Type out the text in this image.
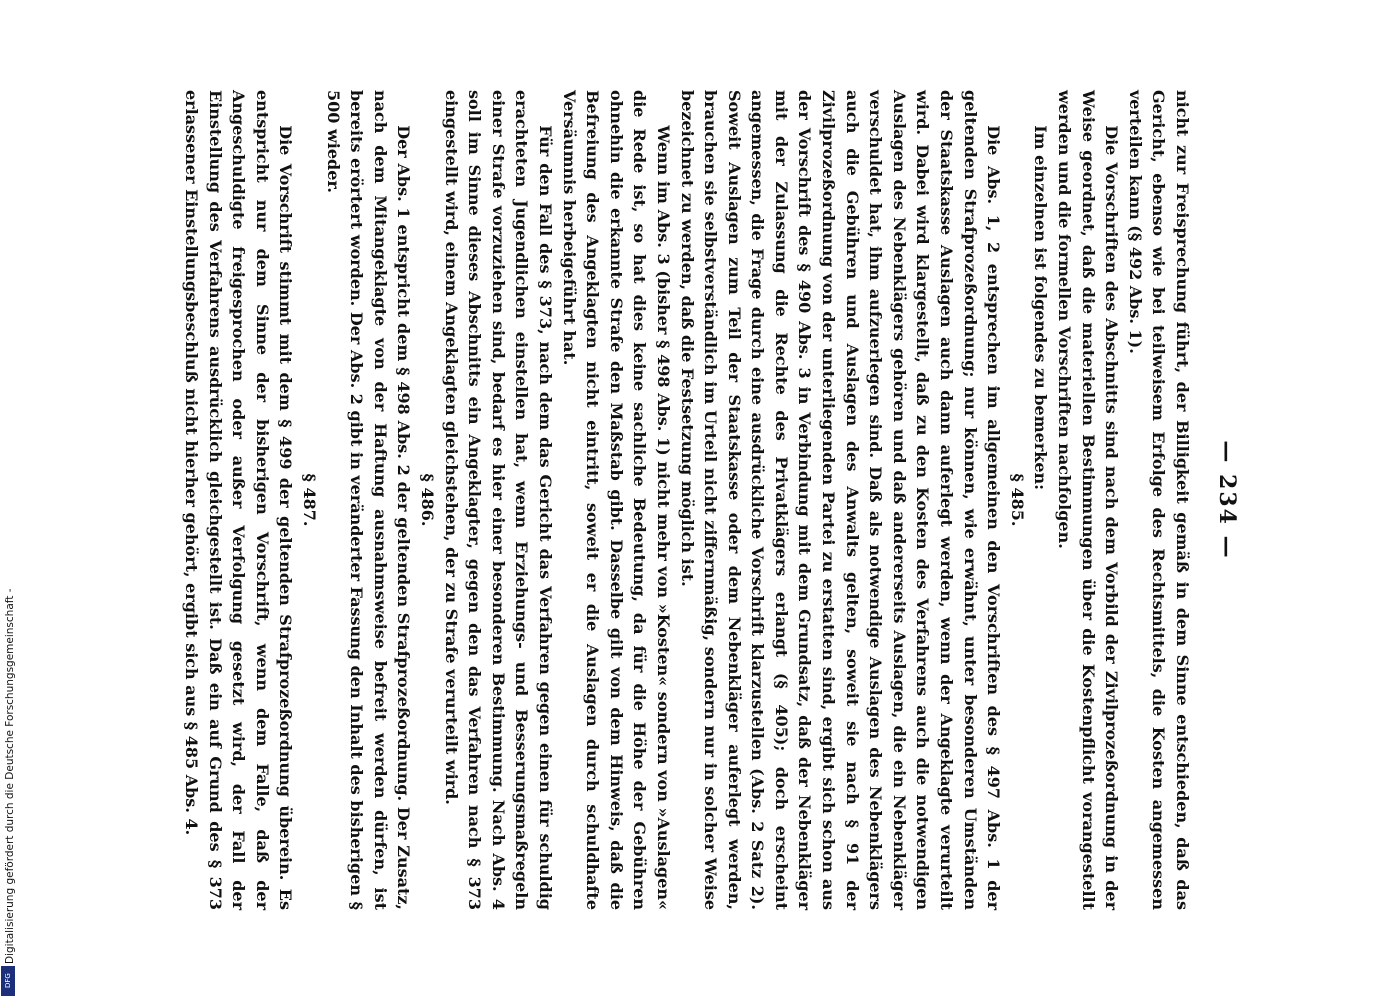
— 234 —

nicht zur Freisprechung führt, der Billigkeit gemäß in dem Sinne entschieden, daß das Gericht, ebenso wie bei teilweisem Erfolge des Rechtsmittels, die Kosten angemessen verteilen kann (§ 492 Abs. 1).

Die Vorschriften des Abschnitts sind nach dem Vorbild der Zivilprozeßordnung in der Weise geordnet, daß die materiellen Bestimmungen über die Kostenpflicht vorangestellt werden und die formellen Vorschriften nachfolgen.

Im einzelnen ist folgendes zu bemerken:

§ 485.

Die Abs. 1, 2 entsprechen im allgemeinen den Vorschriften des § 497 Abs. 1 der geltenden Strafprozeßordnung; nur können, wie erwähnt, unter besonderen Umständen der Staatskasse Auslagen auch dann auferlegt werden, wenn der Angeklagte verurteilt wird. Dabei wird klargestellt, daß zu den Kosten des Verfahrens auch die notwendigen Auslagen des Nebenklägers gehören und daß andererseits Auslagen, die ein Nebenkläger verschuldet hat, ihm aufzuerlegen sind. Daß als notwendige Auslagen des Nebenklägers auch die Gebühren und Auslagen des Anwalts gelten, soweit sie nach § 91 der Zivilprozeßordnung von der unterliegenden Partei zu erstatten sind, ergibt sich schon aus der Vorschrift des § 490 Abs. 3 in Verbindung mit dem Grundsatz, daß der Nebenkläger mit der Zulassung die Rechte des Privatklägers erlangt (§ 405); doch erscheint angemessen, die Frage durch eine ausdrückliche Vorschrift klarzustellen (Abs. 2 Satz 2). Soweit Auslagen zum Teil der Staatskasse oder dem Nebenkläger auferlegt werden, brauchen sie selbstverständlich im Urteil nicht ziffernmäßig, sondern nur in solcher Weise bezeichnet zu werden, daß die Festsetzung möglich ist.

Wenn im Abs. 3 (bisher § 498 Abs. 1) nicht mehr von »Kosten« sondern von »Auslagen« die Rede ist, so hat dies keine sachliche Bedeutung, da für die Höhe der Gebühren ohnehin die erkannte Strafe den Maßstab gibt. Dasselbe gilt von dem Hinweis, daß die Befreiung des Angeklagten nicht eintritt, soweit er die Auslagen durch schuldhafte Versäumnis herbeigeführt hat.

Für den Fall des § 373, nach dem das Gericht das Verfahren gegen einen für schuldig erachteten Jugendlichen einstellen hat, wenn Erziehungs- und Besserungsmaßregeln einer Strafe vorzuziehen sind, bedarf es hier einer besonderen Bestimmung. Nach Abs. 4 soll im Sinne dieses Abschnitts ein Angeklagter, gegen den das Verfahren nach § 373 eingestellt wird, einem Angeklagten gleichstehen, der zu Strafe verurteilt wird.

§ 486.

Der Abs. 1 entspricht dem § 498 Abs. 2 der geltenden Strafprozeßordnung. Der Zusatz, nach dem Mitangeklagte von der Haftung ausnahmsweise befreit werden dürfen, ist bereits erörtert worden. Der Abs. 2 gibt in veränderter Fassung den Inhalt des bisherigen § 500 wieder.

§ 487.

Die Vorschrift stimmt mit dem § 499 der geltenden Strafprozeßordnung überein. Es entspricht nur dem Sinne der bisherigen Vorschrift, wenn dem Falle, daß der Angeschuldigte freigesprochen oder außer Verfolgung gesetzt wird, der Fall der Einstellung des Verfahrens ausdrücklich gleichgestellt ist. Daß ein auf Grund des § 373 erlassener Einstellungsbeschluß nicht hierher gehört, ergibt sich aus § 485 Abs. 4.

Digitalisierung gefördert durch die Deutsche Forschungsgemeinschaft -
DFG
